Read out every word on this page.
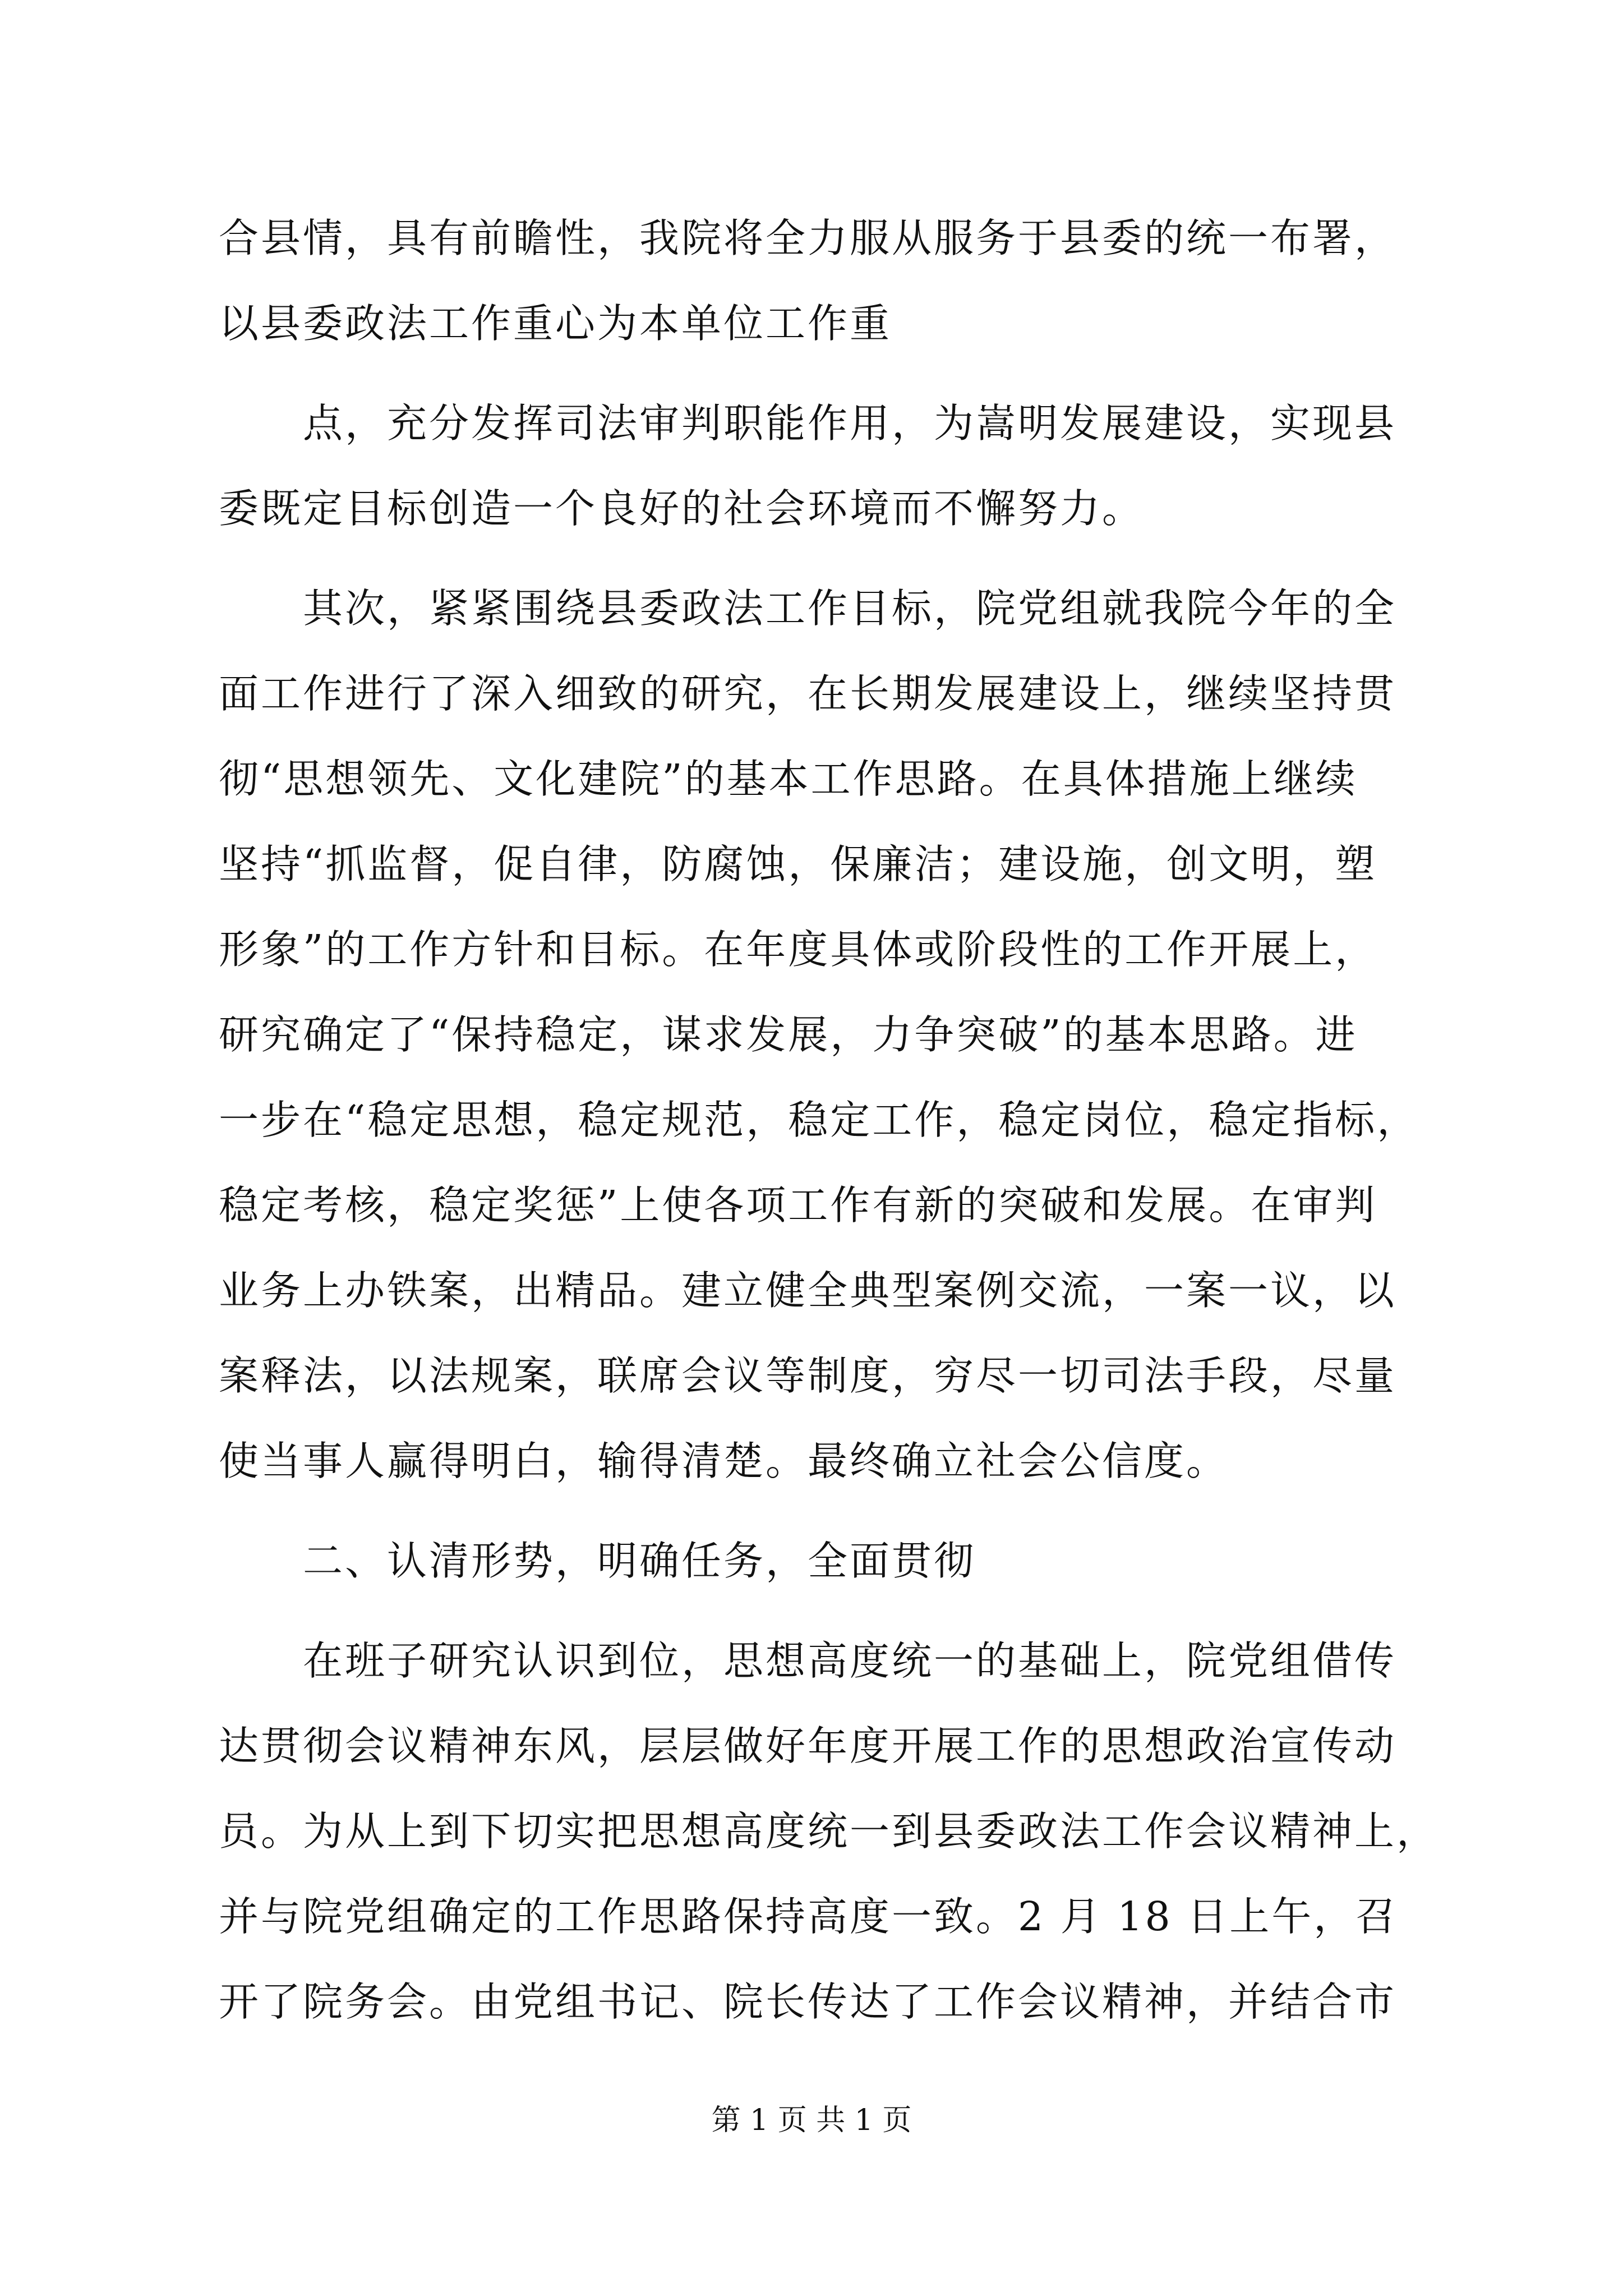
合县情，具有前瞻性，我院将全力服从服务于县委的统一布署，
以县委政法工作重心为本单位工作重
点，充分发挥司法审判职能作用，为嵩明发展建设，实现县
委既定目标创造一个良好的社会环境而不懈努力。
其次，紧紧围绕县委政法工作目标，院党组就我院今年的全
面工作进行了深入细致的研究，在长期发展建设上，继续坚持贯
彻“思想领先、文化建院”的基本工作思路。在具体措施上继续
坚持“抓监督，促自律，防腐蚀，保廉洁；建设施，创文明，塑
形象”的工作方针和目标。在年度具体或阶段性的工作开展上，
研究确定了“保持稳定，谋求发展，力争突破”的基本思路。进
一步在“稳定思想，稳定规范，稳定工作，稳定岗位，稳定指标，
稳定考核，稳定奖惩”上使各项工作有新的突破和发展。在审判
业务上办铁案，出精品。建立健全典型案例交流，一案一议，以
案释法，以法规案，联席会议等制度，穷尽一切司法手段，尽量
使当事人赢得明白，输得清楚。最终确立社会公信度。
二、认清形势，明确任务，全面贯彻
在班子研究认识到位，思想高度统一的基础上，院党组借传
达贯彻会议精神东风，层层做好年度开展工作的思想政治宣传动
员。为从上到下切实把思想高度统一到县委政法工作会议精神上，
并与院党组确定的工作思路保持高度一致。2 月 18 日上午，召
开了院务会。由党组书记、院长传达了工作会议精神，并结合市
第 1 页 共 1 页
